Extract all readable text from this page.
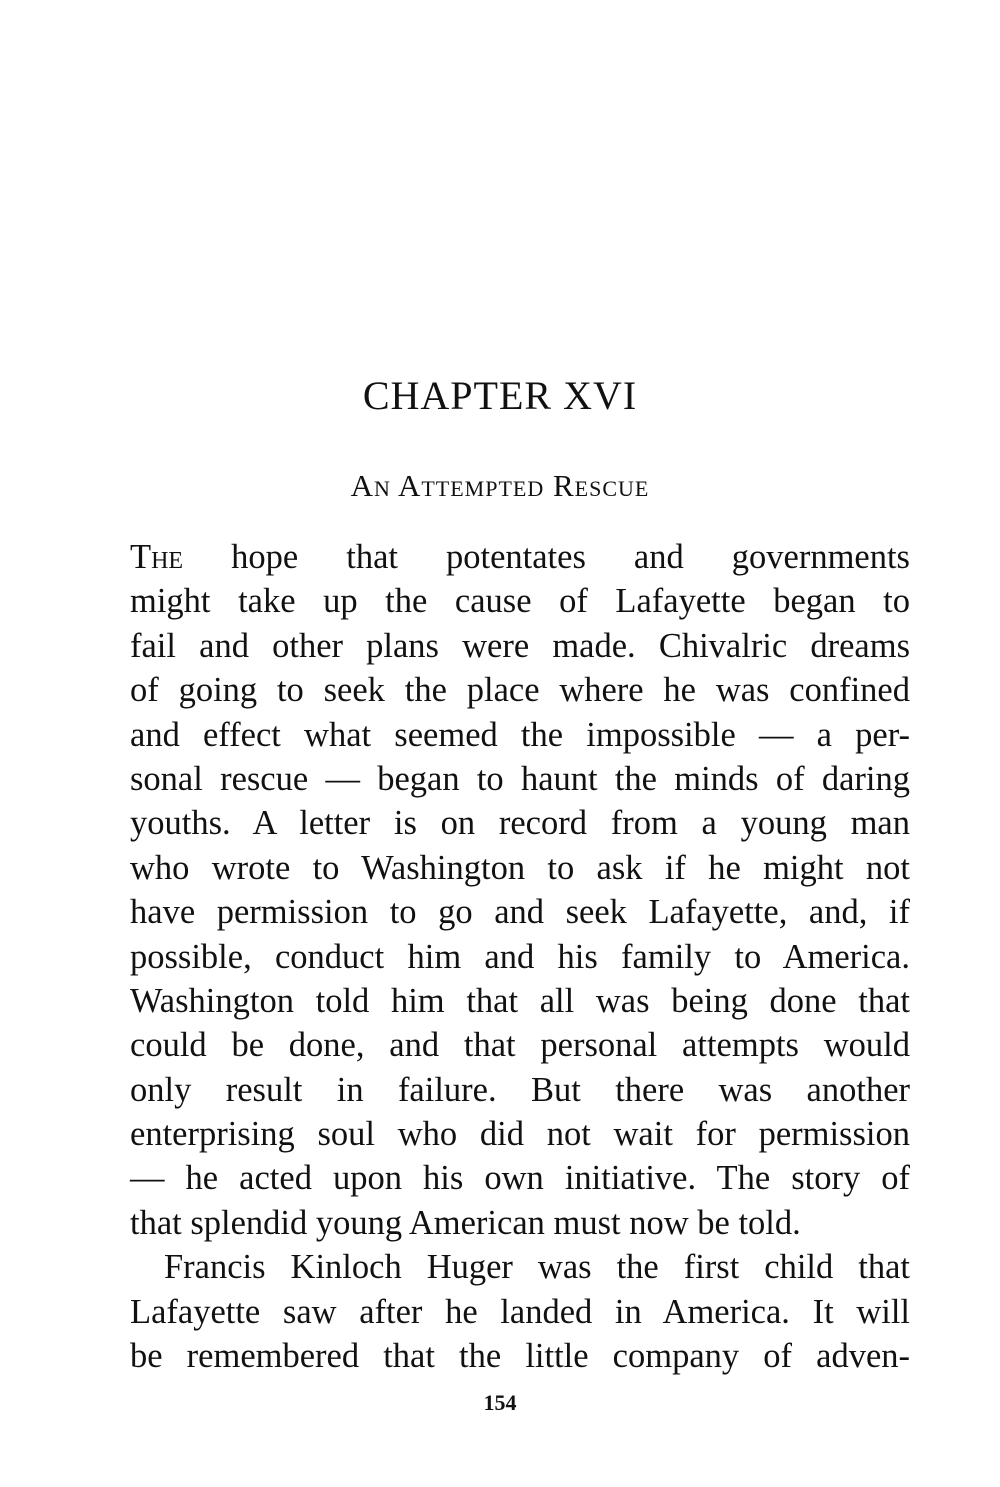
CHAPTER XVI
An Attempted Rescue
The hope that potentates and governments
might take up the cause of Lafayette began to
fail and other plans were made. Chivalric dreams
of going to seek the place where he was confined
and effect what seemed the impossible — a per-
sonal rescue — began to haunt the minds of daring
youths. A letter is on record from a young man
who wrote to Washington to ask if he might not
have permission to go and seek Lafayette, and, if
possible, conduct him and his family to America.
Washington told him that all was being done that
could be done, and that personal attempts would
only result in failure. But there was another
enterprising soul who did not wait for permission
— he acted upon his own initiative. The story of
that splendid young American must now be told.
Francis Kinloch Huger was the first child that
Lafayette saw after he landed in America. It will
be remembered that the little company of adven-
154
